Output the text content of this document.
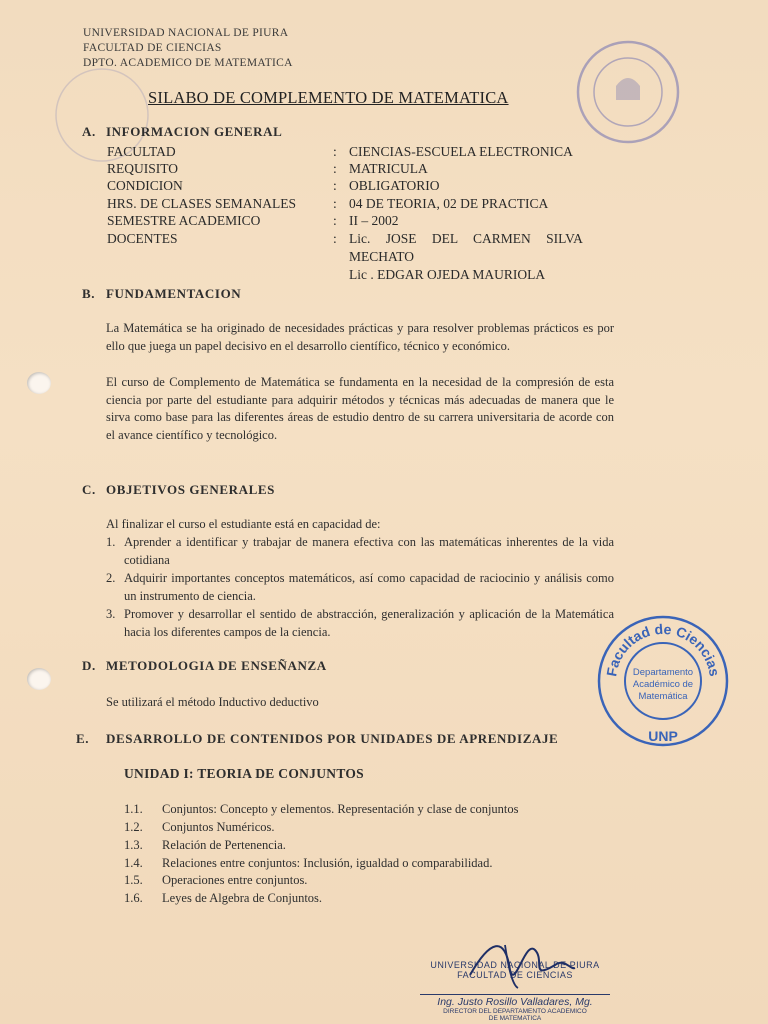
UNIVERSIDAD NACIONAL DE PIURA
FACULTAD DE CIENCIAS
DPTO. ACADEMICO DE MATEMATICA
SILABO DE COMPLEMENTO DE MATEMATICA
A. INFORMACION GENERAL
FACULTAD	: CIENCIAS-ESCUELA ELECTRONICA
REQUISITO	: MATRICULA
CONDICION	: OBLIGATORIO
HRS. DE CLASES SEMANALES	: 04 DE TEORIA, 02 DE PRACTICA
SEMESTRE ACADEMICO	: II – 2002
DOCENTES	: Lic. JOSE DEL CARMEN SILVA
MECHATO
Lic . EDGAR OJEDA MAURIOLA
B. FUNDAMENTACION
La Matemática se ha originado de necesidades prácticas y para resolver problemas prácticos es por ello que juega un papel decisivo en el desarrollo científico, técnico y económico.
El curso de Complemento de Matemática se fundamenta en la necesidad de la compresión de esta ciencia por parte del estudiante para adquirir métodos y técnicas más adecuadas de manera que le sirva como base para las diferentes áreas de estudio dentro de su carrera universitaria de acorde con el avance científico y tecnológico.
C. OBJETIVOS GENERALES
Al finalizar el curso el estudiante está en capacidad de:
1. Aprender a identificar y trabajar de manera efectiva con las matemáticas inherentes de la vida cotidiana
2. Adquirir importantes conceptos matemáticos, así como capacidad de raciocinio y análisis como un instrumento de ciencia.
3. Promover y desarrollar el sentido de abstracción, generalización y aplicación de la Matemática hacia los diferentes campos de la ciencia.
D. METODOLOGIA DE ENSEÑANZA
Se utilizará el método Inductivo deductivo
E. DESARROLLO DE CONTENIDOS POR UNIDADES DE APRENDIZAJE
UNIDAD I: TEORIA DE CONJUNTOS
1.1. Conjuntos: Concepto y elementos. Representación y clase de conjuntos
1.2. Conjuntos Numéricos.
1.3. Relación de Pertenencia.
1.4. Relaciones entre conjuntos: Inclusión, igualdad o comparabilidad.
1.5. Operaciones entre conjuntos.
1.6. Leyes de Algebra de Conjuntos.
Facultad de Ciencias
Departamento
Académico de
Matemática
UNP
UNIVERSIDAD NACIONAL DE PIURA
FACULTAD DE CIENCIAS
Ing. Justo Rosillo Valladares, Mg.
DIRECTOR DEL DEPARTAMENTO ACADEMICO
DE MATEMATICA
